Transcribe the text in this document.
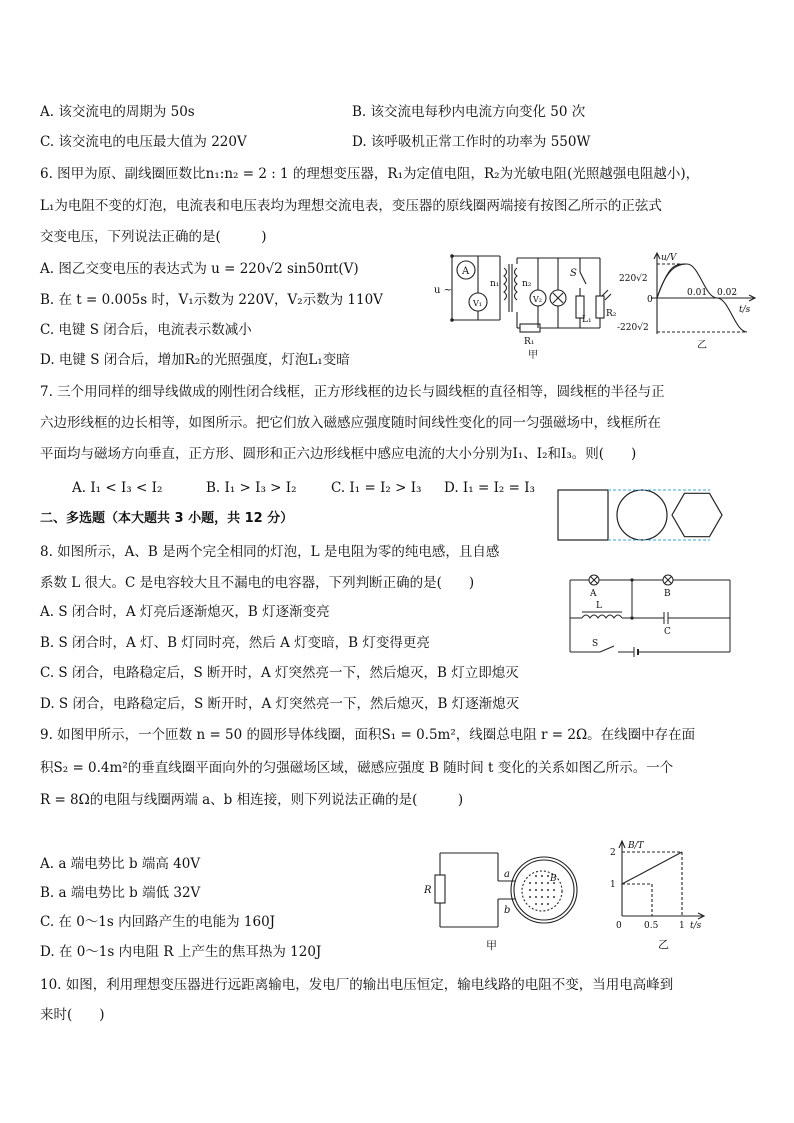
A. 该交流电的周期为 50s	B. 该交流电每秒内电流方向变化 50 次
C. 该交流电的电压最大值为 220V	D. 该呼吸机正常工作时的功率为 550W
6. 图甲为原、副线圈匝数比n₁:n₂ = 2 : 1 的理想变压器，R₁为定值电阻，R₂为光敏电阻(光照越强电阻越小)，
L₁为电阻不变的灯泡，电流表和电压表均为理想交流电表，变压器的原线圈两端接有按图乙所示的正弦式
交变电压，下列说法正确的是(　　　)
A. 图乙交变电压的表达式为 u = 220√2 sin50πt(V)
B. 在 t = 0.005s 时，V₁示数为 220V，V₂示数为 110V
C. 电键 S 闭合后，电流表示数减小
D. 电键 S 闭合后，增加R₂的光照强度，灯泡L₁变暗
A
V₁
u ~
n₁	n₂
V₂
S
L₁
R₂
R₁
甲
u/V
220√2
0
-220√2
0.01 0.02
t/s
乙
7. 三个用同样的细导线做成的刚性闭合线框，正方形线框的边长与圆线框的直径相等，圆线框的半径与正
六边形线框的边长相等，如图所示。把它们放入磁感应强度随时间线性变化的同一匀强磁场中，线框所在
平面均与磁场方向垂直，正方形、圆形和正六边形线框中感应电流的大小分别为I₁、I₂和I₃。则(　　)
A. I₁ < I₃ < I₂	B. I₁ > I₃ > I₂	C. I₁ = I₂ > I₃ D. I₁ = I₂ = I₃
二、多选题（本大题共 3 小题，共 12 分）
8. 如图所示，A、B 是两个完全相同的灯泡，L 是电阻为零的纯电感，且自感
系数 L 很大。C 是电容较大且不漏电的电容器，下列判断正确的是(　　)
A. S 闭合时，A 灯亮后逐渐熄灭，B 灯逐渐变亮
B. S 闭合时，A 灯、B 灯同时亮，然后 A 灯变暗，B 灯变得更亮
C. S 闭合，电路稳定后，S 断开时，A 灯突然亮一下，然后熄灭，B 灯立即熄灭
D. S 闭合，电路稳定后，S 断开时，A 灯突然亮一下，然后熄灭，B 灯逐渐熄灭
A	B
L
C
S
9. 如图甲所示，一个匝数 n = 50 的圆形导体线圈，面积S₁ = 0.5m²，线圈总电阻 r = 2Ω。在线圈中存在面
积S₂ = 0.4m²的垂直线圈平面向外的匀强磁场区域，磁感应强度 B 随时间 t 变化的关系如图乙所示。一个
R = 8Ω的电阻与线圈两端 a、b 相连接，则下列说法正确的是(　　　)
A. a 端电势比 b 端高 40V
B. a 端电势比 b 端低 32V
C. 在 0～1s 内回路产生的电能为 160J
D. 在 0～1s 内电阻 R 上产生的焦耳热为 120J
R
a
b
B
甲
B/T
2
1
0 0.5 1 t/s
乙
10. 如图，利用理想变压器进行远距离输电，发电厂的输出电压恒定，输电线路的电阻不变，当用电高峰到
来时(　　)
